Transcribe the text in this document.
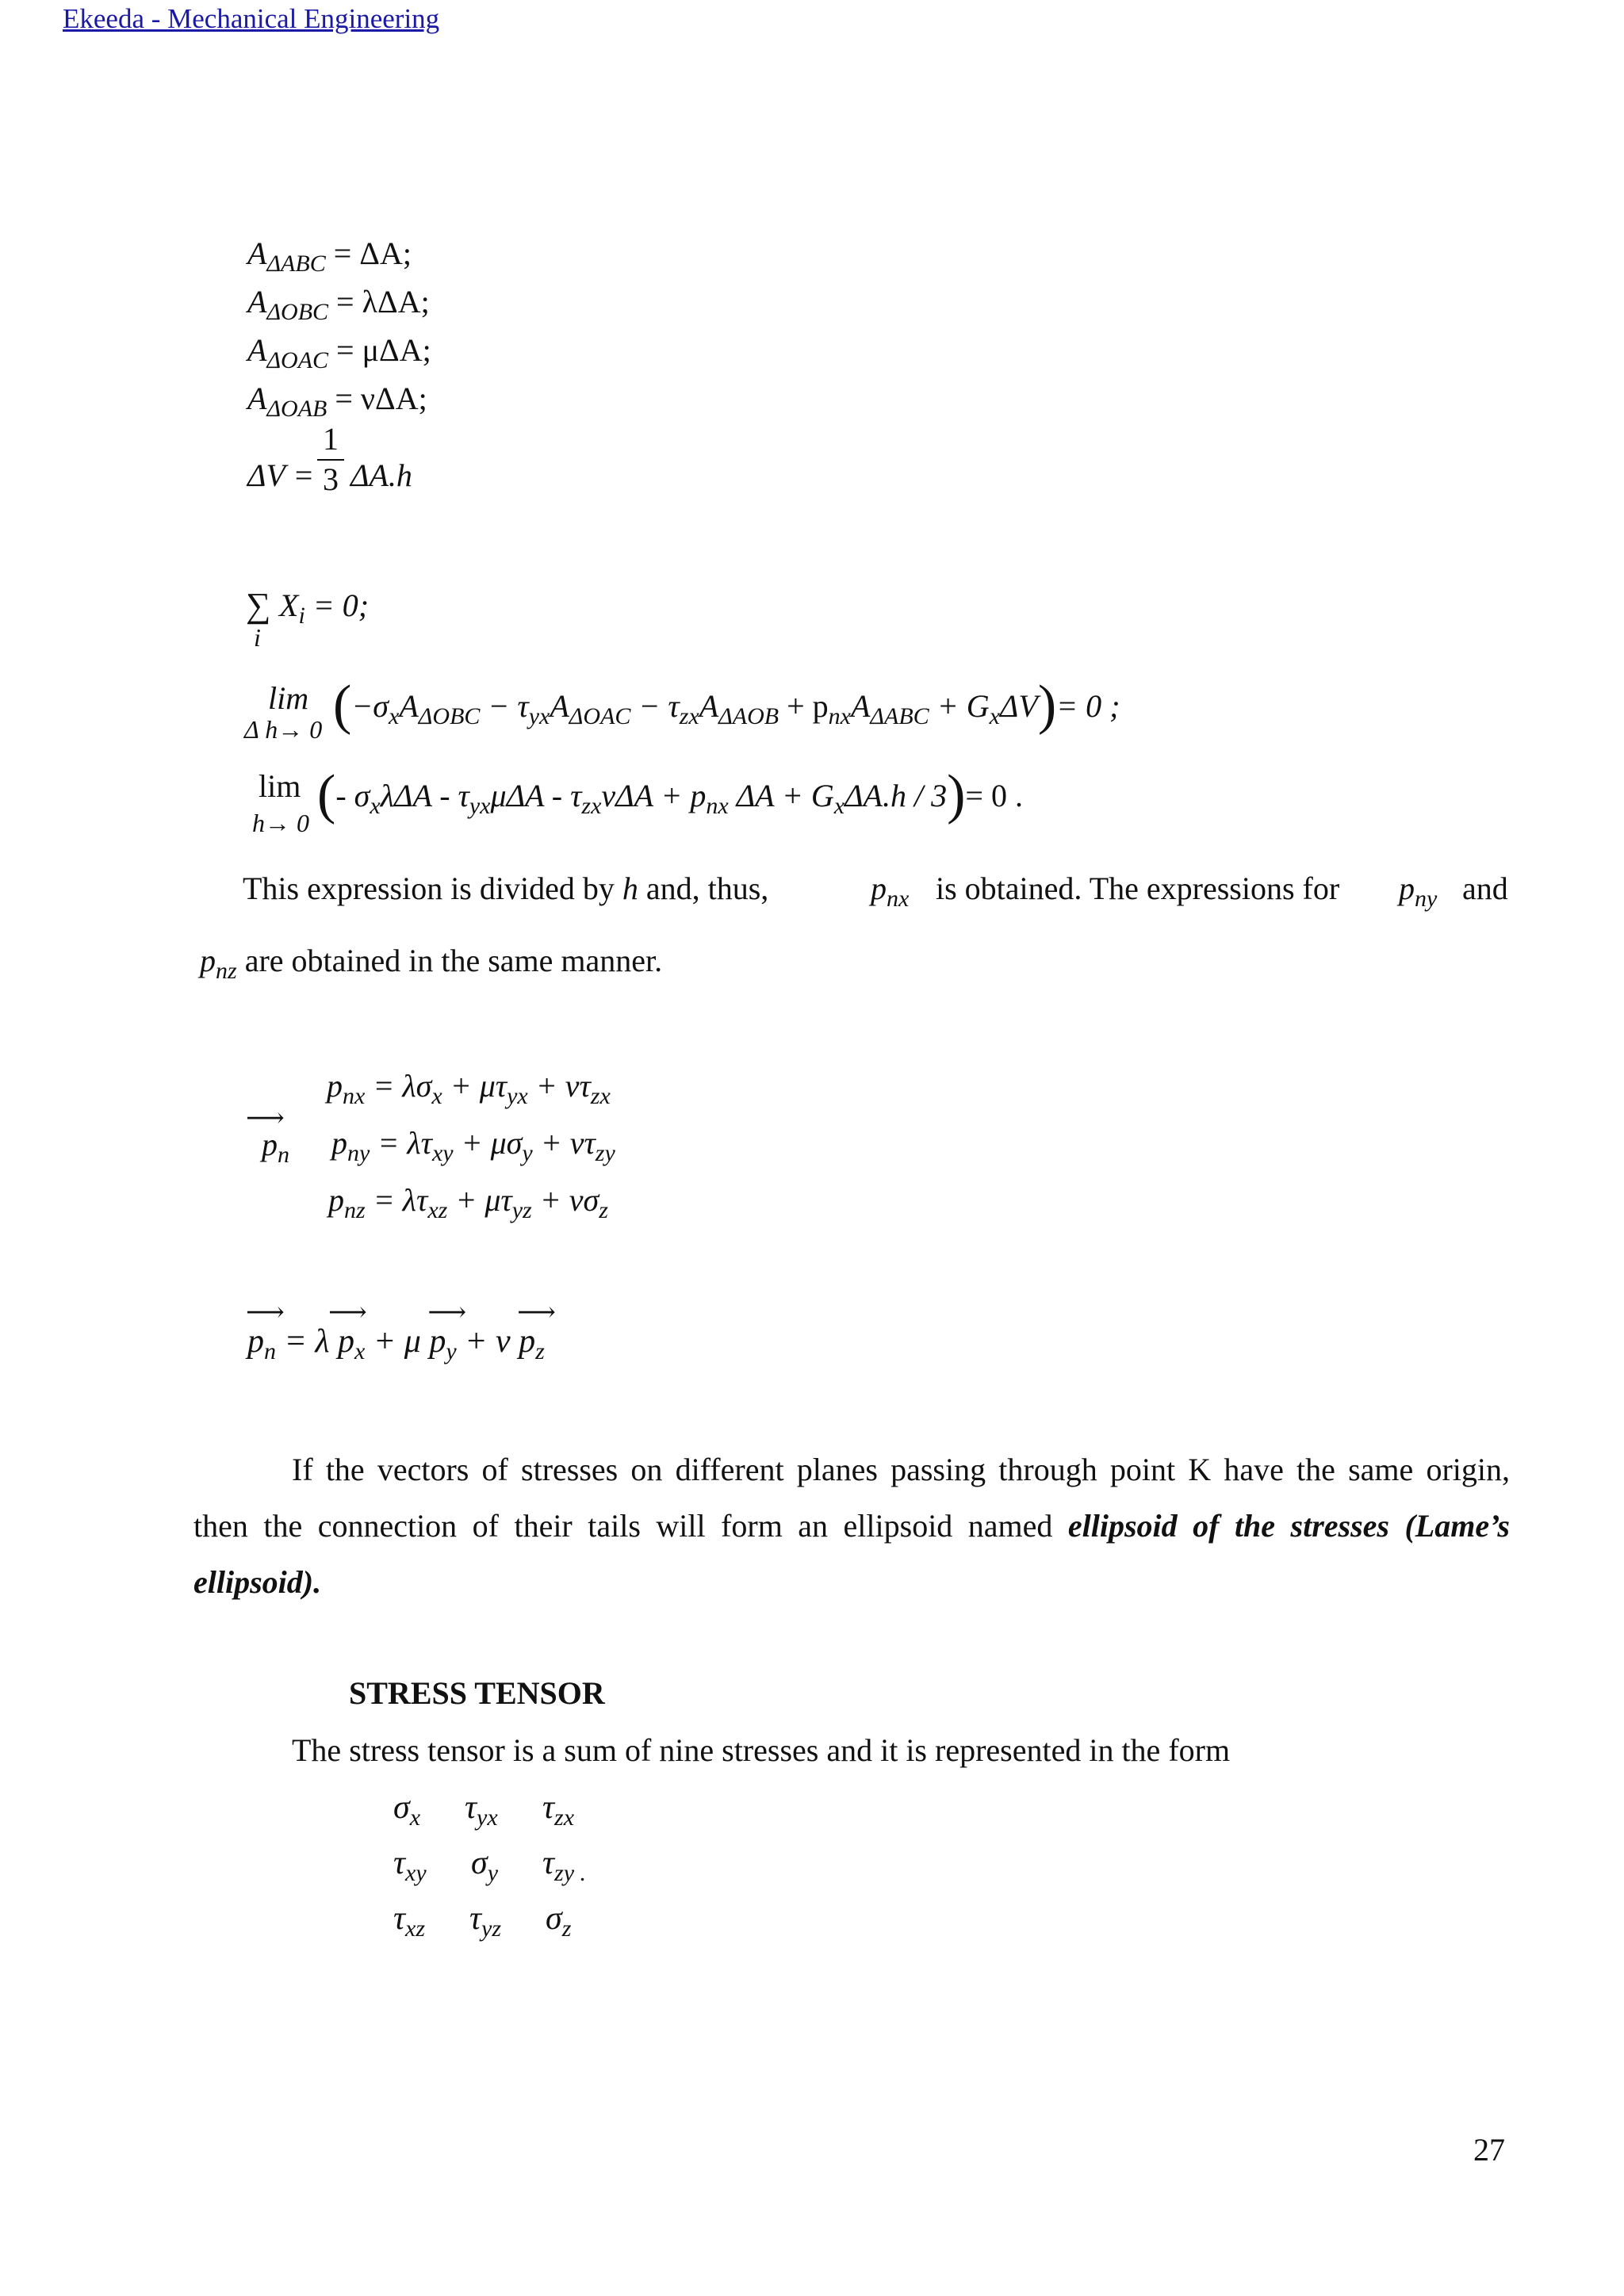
Ekeeda - Mechanical Engineering
$A_{\Delta ABC} = \Delta A$;
$A_{\Delta OBC} = \lambda\Delta A$;
$A_{\Delta OAC} = \mu\Delta A$;
$A_{\Delta OAB} = \nu\Delta A$;
ΔV =
1
3 ΔA.h
∑
i
$X_i = 0$;
lim
Δ h→ 0 $(-\sigma_xA_{\Delta OBC} - \tau_{yx}A_{\Delta OAC} - \tau_{zx}A_{\Delta AOB} + p_{nx}A_{\Delta ABC} + G_x\Delta V)= 0$ ;
lim
h→ 0 (- $\sigma_x\lambda\Delta A - \tau_{yx}\mu\Delta A - \tau_{zx}\nu\Delta A + p_{nx}$ $\Delta A + G_x\Delta A.h / 3)= 0$ .
This expression is divided by h and, thus,	$p_{nx}$ is obtained. The expressions for $p_{ny}$ and
$p_{nz}$ are obtained in the same manner.
⟶
$p_n$
$p_{nx} = \lambda\sigma_x + \mu\tau_{yx} + \nu\tau_{zx}$
$p_{ny} = \lambda\tau_{xy} + \mu\sigma_y + \nu\tau_{zy}$
$p_{nz} = \lambda\tau_{xz} + \mu\tau_{yz} + \nu\sigma_z$
⟶
$p_n = \lambda$
⟶
$p_x + \mu$
⟶
$p_y + \nu$
⟶
$p_z$
If the vectors of stresses on different planes passing through point K have the same origin,
then the connection of their tails will form an ellipsoid named ellipsoid of the stresses (Lame’s
ellipsoid).
STRESS TENSOR
The stress tensor is a sum of nine stresses and it is represented in the form
$\sigma_x$ $\tau_{yx}$ $\tau_{zx}$
$\tau_{xy}$ $\sigma_y$ $\tau_{zy .}$
$\tau_{xz}$ $\tau_{yz}$ $\sigma_z$
27
